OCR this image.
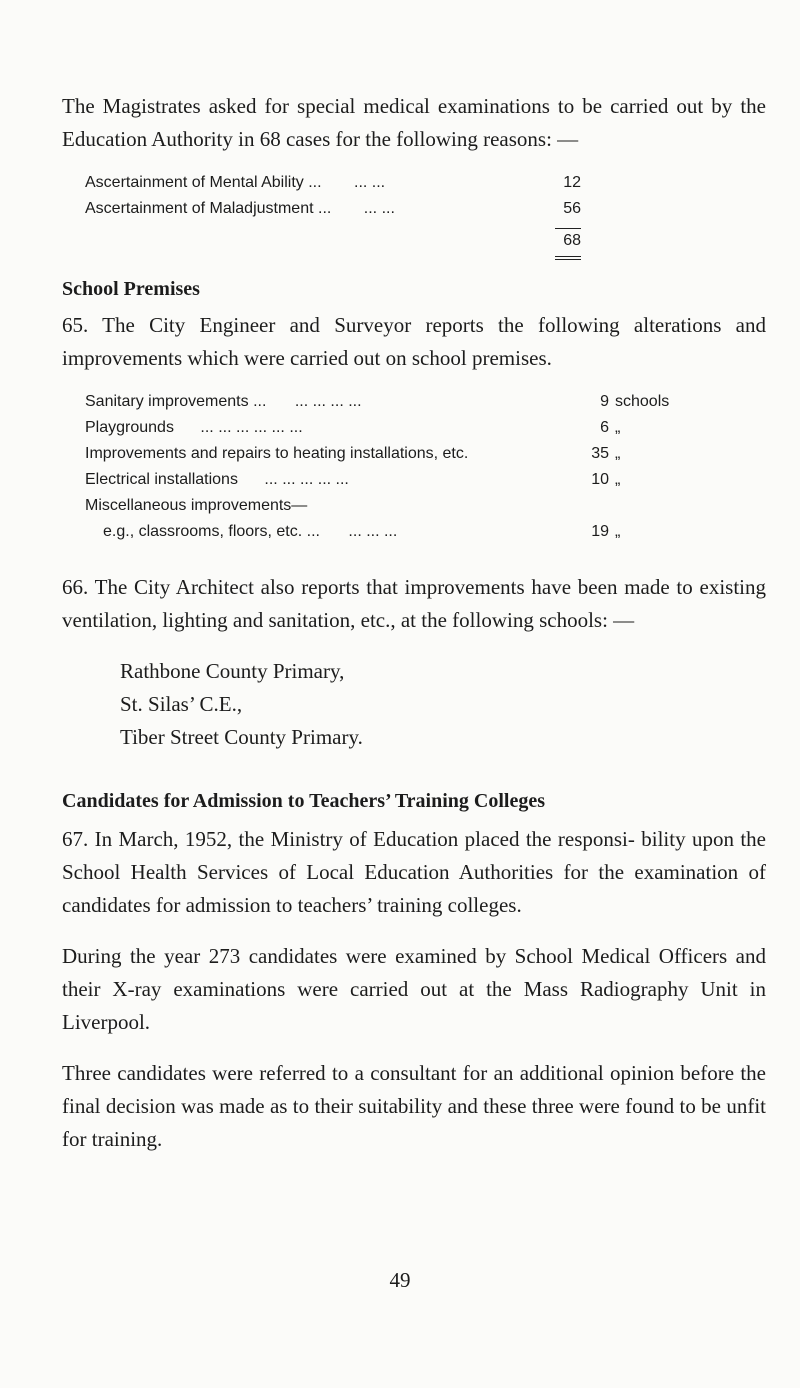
The Magistrates asked for special medical examinations to be carried out by the Education Authority in 68 cases for the following reasons: —

Ascertainment of Mental Ability ... ... ...	12
Ascertainment of Maladjustment ... ... ...	56
68
School Premises

65. The City Engineer and Surveyor reports the following alterations and improvements which were carried out on school premises.

Sanitary improvements ... ... ... ... ...	9 schools
Playgrounds ... ... ... ... ... ...	6 „
Improvements and repairs to heating installations, etc.	35 „
Electrical installations ... ... ... ... ...	10 „
Miscellaneous improvements—
e.g., classrooms, floors, etc. ... ... ... ...	19 „

66. The City Architect also reports that improvements have been made to existing ventilation, lighting and sanitation, etc., at the following schools: —

Rathbone County Primary,
St. Silas’ C.E.,
Tiber Street County Primary.
Candidates for Admission to Teachers’ Training Colleges

67. In March, 1952, the Ministry of Education placed the responsi- bility upon the School Health Services of Local Education Authorities for the examination of candidates for admission to teachers’ training colleges.

During the year 273 candidates were examined by School Medical Officers and their X-ray examinations were carried out at the Mass Radiography Unit in Liverpool.

Three candidates were referred to a consultant for an additional opinion before the final decision was made as to their suitability and these three were found to be unfit for training.

49
